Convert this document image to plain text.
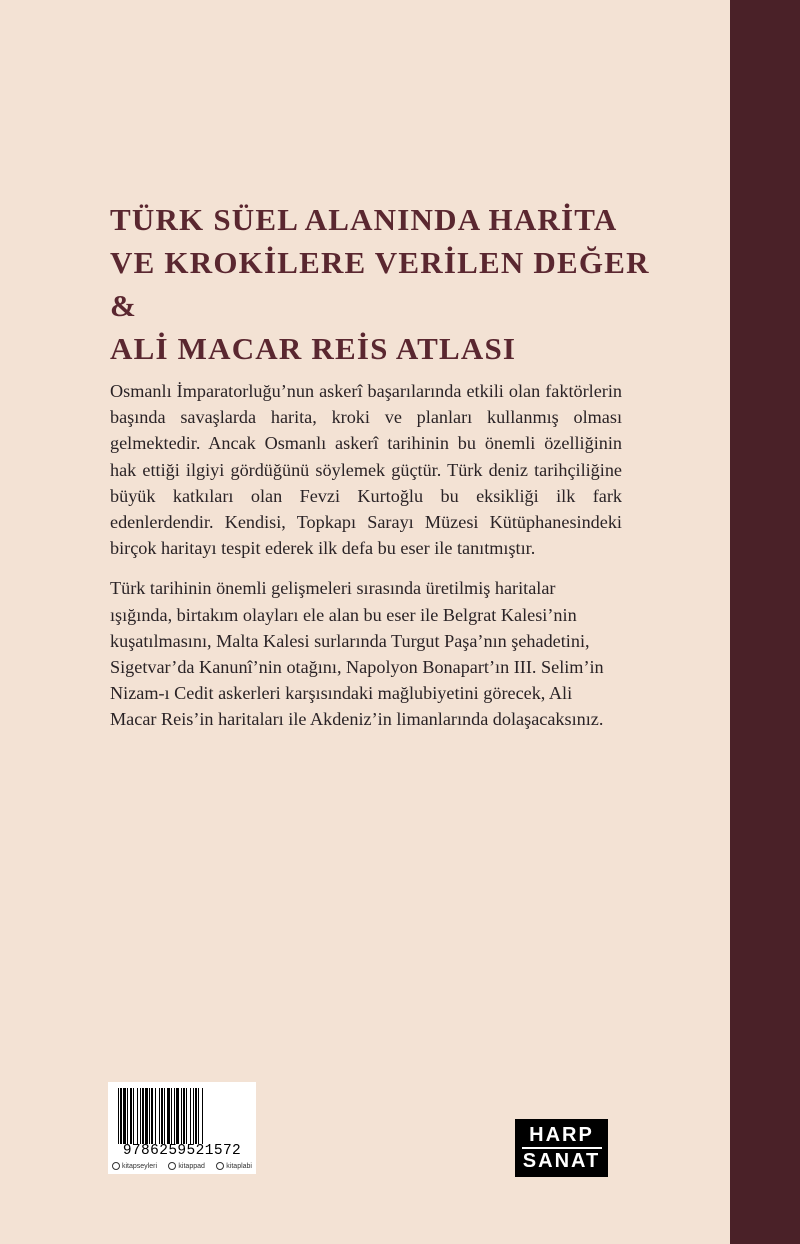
TÜRK SÜEL ALANINDA HARİTA
VE KROKİLERE VERİLEN DEĞER
&
ALİ MACAR REİS ATLASI

Osmanlı İmparatorluğu’nun askerî başarılarında etkili olan faktörlerin başında savaşlarda harita, kroki ve planları kullanmış olması gelmektedir. Ancak Osmanlı askerî tarihinin bu önemli özelliğinin hak ettiği ilgiyi gördüğünü söylemek güçtür. Türk deniz tarihçiliğine büyük katkıları olan Fevzi Kurtoğlu bu eksikliği ilk fark edenlerdendir. Kendisi, Topkapı Sarayı Müzesi Kütüphanesindeki birçok haritayı tespit ederek ilk defa bu eser ile tanıtmıştır.

Türk tarihinin önemli gelişmeleri sırasında üretilmiş haritalar ışığında, birtakım olayları ele alan bu eser ile Belgrat Kalesi’nin kuşatılmasını, Malta Kalesi surlarında Turgut Paşa’nın şehadetini, Sigetvar’da Kanunî’nin otağını, Napolyon Bonapart’ın III. Selim’in Nizam-ı Cedit askerleri karşısındaki mağlubiyetini görecek, Ali Macar Reis’in haritaları ile Akdeniz’in limanlarında dolaşacaksınız.

9786259521572
kitapseyleri	kitappad	kitaplabi
HARP
SANAT
